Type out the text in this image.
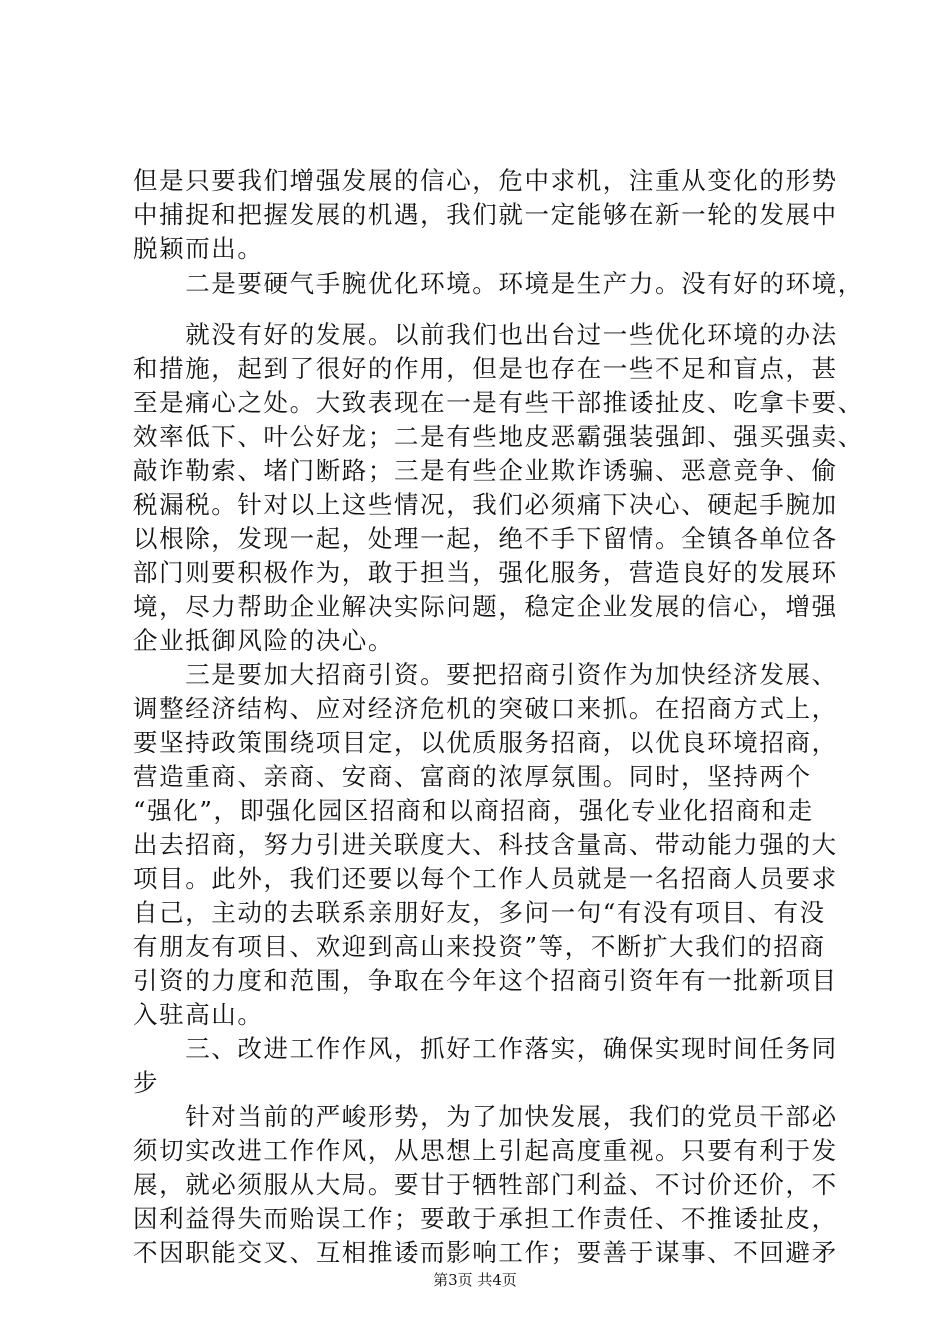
但是只要我们增强发展的信心，危中求机，注重从变化的形势
中捕捉和把握发展的机遇，我们就一定能够在新一轮的发展中
脱颖而出。
　　二是要硬气手腕优化环境。环境是生产力。没有好的环境，
　　就没有好的发展。以前我们也出台过一些优化环境的办法
和措施，起到了很好的作用，但是也存在一些不足和盲点，甚
至是痛心之处。大致表现在一是有些干部推诿扯皮、吃拿卡要、
效率低下、叶公好龙；二是有些地皮恶霸强装强卸、强买强卖、
敲诈勒索、堵门断路；三是有些企业欺诈诱骗、恶意竞争、偷
税漏税。针对以上这些情况，我们必须痛下决心、硬起手腕加
以根除，发现一起，处理一起，绝不手下留情。全镇各单位各
部门则要积极作为，敢于担当，强化服务，营造良好的发展环
境，尽力帮助企业解决实际问题，稳定企业发展的信心，增强
企业抵御风险的决心。
　　三是要加大招商引资。要把招商引资作为加快经济发展、
调整经济结构、应对经济危机的突破口来抓。在招商方式上，
要坚持政策围绕项目定，以优质服务招商，以优良环境招商，
营造重商、亲商、安商、富商的浓厚氛围。同时，坚持两个
“强化”，即强化园区招商和以商招商，强化专业化招商和走
出去招商，努力引进关联度大、科技含量高、带动能力强的大
项目。此外，我们还要以每个工作人员就是一名招商人员要求
自己，主动的去联系亲朋好友，多问一句“有没有项目、有没
有朋友有项目、欢迎到高山来投资”等，不断扩大我们的招商
引资的力度和范围，争取在今年这个招商引资年有一批新项目
入驻高山。
　　三、改进工作作风，抓好工作落实，确保实现时间任务同
步
　　针对当前的严峻形势，为了加快发展，我们的党员干部必
须切实改进工作作风，从思想上引起高度重视。只要有利于发
展，就必须服从大局。要甘于牺牲部门利益、不讨价还价，不
因利益得失而贻误工作；要敢于承担工作责任、不推诿扯皮，
不因职能交叉、互相推诿而影响工作；要善于谋事、不回避矛
第3页 共4页
